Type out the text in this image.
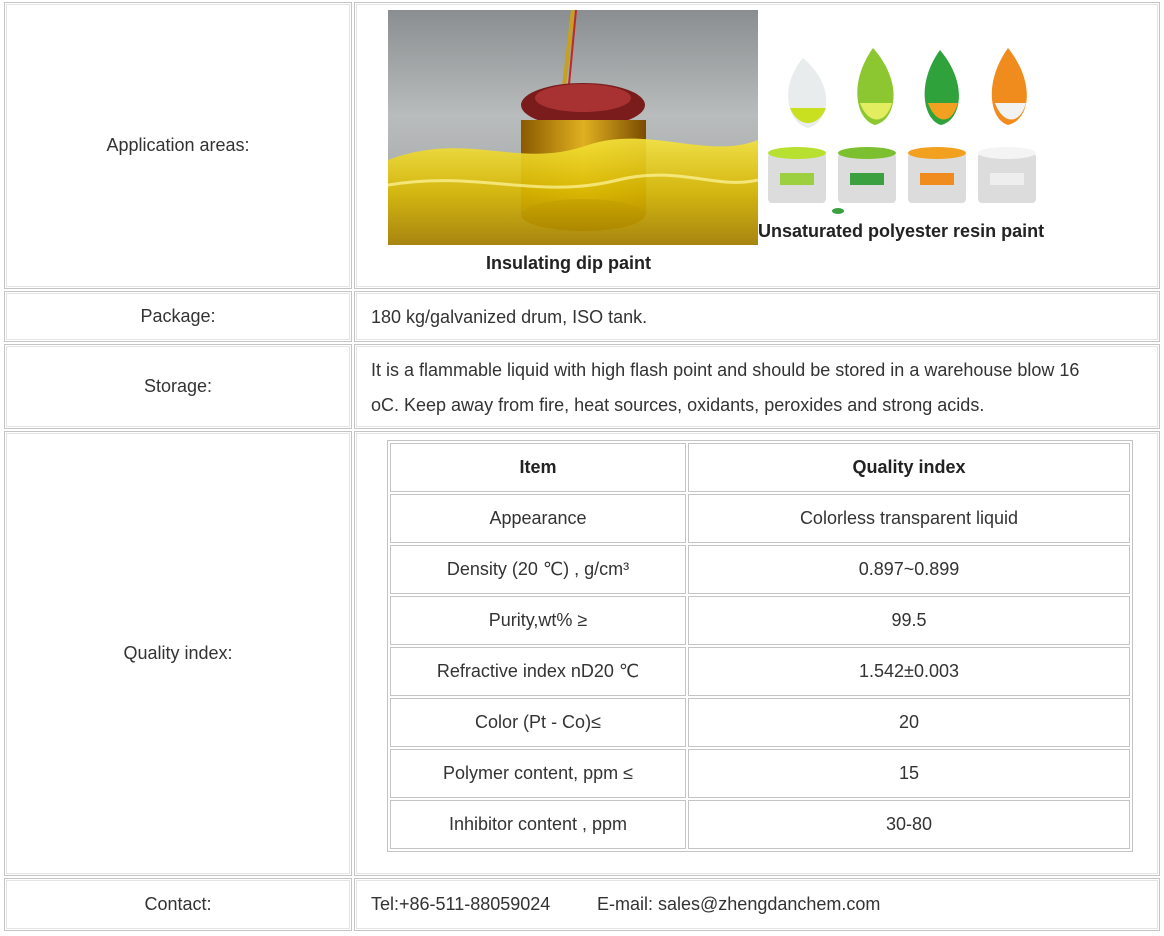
Application areas:
Insulating dip paint
Unsaturated polyester resin paint
Package:	180 kg/galvanized drum, ISO tank.
Storage:
It is a flammable liquid with high flash point and should be stored in a warehouse blow 16
oC. Keep away from fire, heat sources, oxidants, peroxides and strong acids.
Quality index:
Item	Quality index
Appearance	Colorless transparent liquid
Density (20 ℃) , g/cm³	0.897~0.899
Purity,wt% ≥	99.5
Refractive index nD20 ℃	1.542±0.003
Color (Pt - Co)≤	20
Polymer content, ppm ≤	15
Inhibitor content , ppm	30-80
Contact:	Tel:+86-511-88059024	E-mail: sales@zhengdanchem.com
